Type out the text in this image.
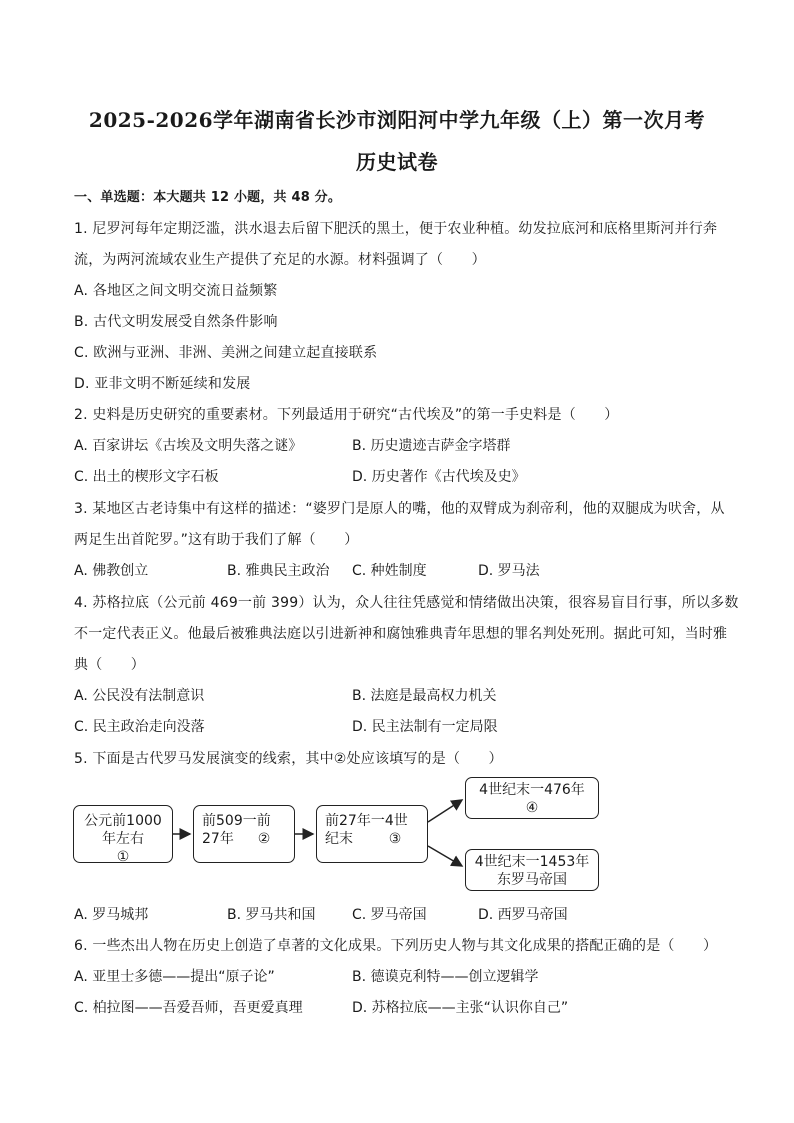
2025-2026学年湖南省长沙市浏阳河中学九年级（上）第一次月考
历史试卷
一、单选题：本大题共 12 小题，共 48 分。
1. 尼罗河每年定期泛滥，洪水退去后留下肥沃的黑土，便于农业种植。幼发拉底河和底格里斯河并行奔
流，为两河流域农业生产提供了充足的水源。材料强调了（　　）
A. 各地区之间文明交流日益频繁
B. 古代文明发展受自然条件影响
C. 欧洲与亚洲、非洲、美洲之间建立起直接联系
D. 亚非文明不断延续和发展
2. 史料是历史研究的重要素材。下列最适用于研究“古代埃及”的第一手史料是（　　）
A. 百家讲坛《古埃及文明失落之谜》	B. 历史遗迹吉萨金字塔群
C. 出土的楔形文字石板	D. 历史著作《古代埃及史》
3. 某地区古老诗集中有这样的描述：“婆罗门是原人的嘴，他的双臂成为刹帝利，他的双腿成为吠舍，从
两足生出首陀罗。”这有助于我们了解（　　）
A. 佛教创立	B. 雅典民主政治 C. 种姓制度	D. 罗马法
4. 苏格拉底（公元前 469一前 399）认为，众人往往凭感觉和情绪做出决策，很容易盲目行事，所以多数
不一定代表正义。他最后被雅典法庭以引进新神和腐蚀雅典青年思想的罪名判处死刑。据此可知，当时雅
典（　　）
A. 公民没有法制意识	B. 法庭是最高权力机关
C. 民主政治走向没落	D. 民主法制有一定局限
5. 下面是古代罗马发展演变的线索，其中②处应该填写的是（　　）
公元前1000年左右
①
前509一前27年	②
前27年一4世纪末	③
4世纪末一476年
④
4世纪末一1453年
东罗马帝国
A. 罗马城邦	B. 罗马共和国	C. 罗马帝国	D. 西罗马帝国
6. 一些杰出人物在历史上创造了卓著的文化成果。下列历史人物与其文化成果的搭配正确的是（　　）
A. 亚里士多德——提出“原子论”	B. 德谟克利特——创立逻辑学
C. 柏拉图——吾爱吾师，吾更爱真理	D. 苏格拉底——主张“认识你自己”
